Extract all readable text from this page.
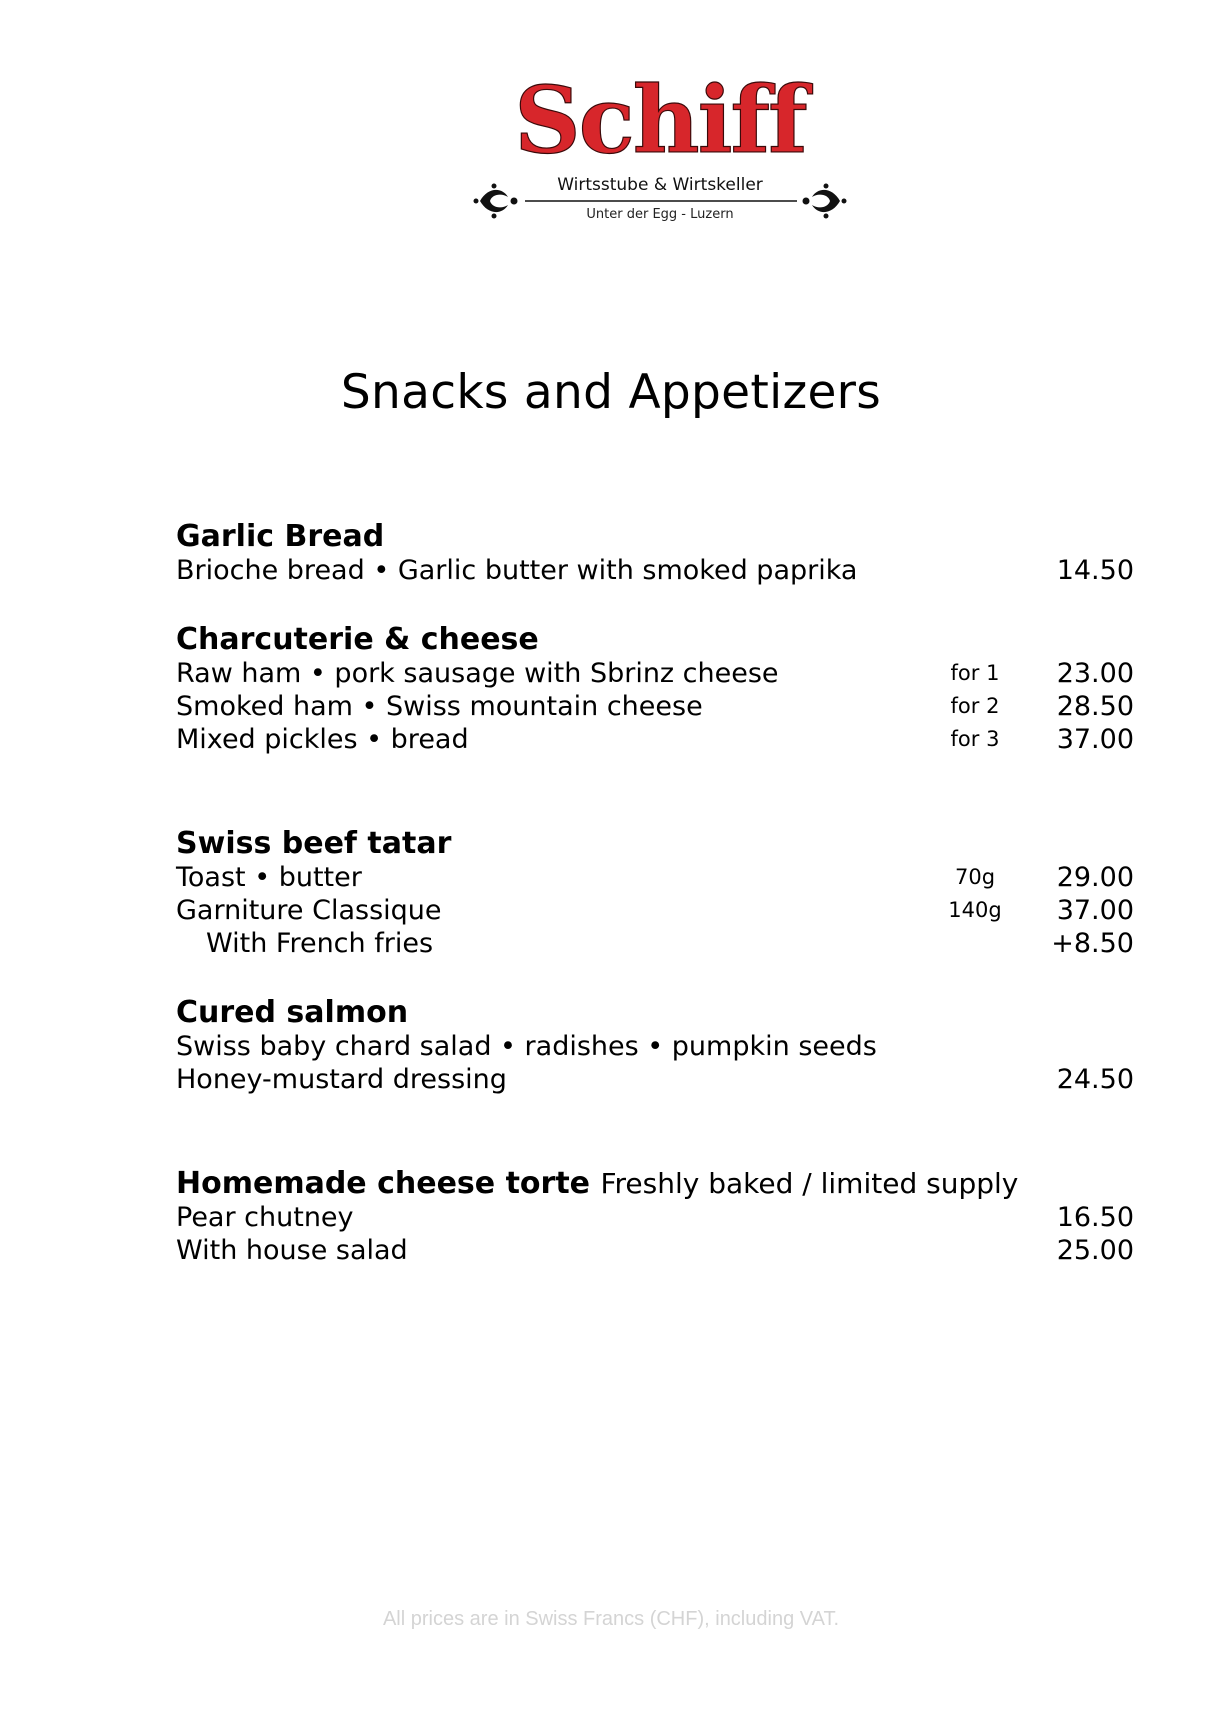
Schiff
Wirtsstube & Wirtskeller
Unter der Egg - Luzern
Snacks and Appetizers
Garlic Bread
Brioche bread • Garlic butter with smoked paprika	14.50
Charcuterie & cheese
Raw ham • pork sausage with Sbrinz cheese	for 1	23.00
Smoked ham • Swiss mountain cheese	for 2	28.50
Mixed pickles • bread	for 3	37.00
Swiss beef tatar
Toast • butter	70g	29.00
Garniture Classique	140g	37.00
With French fries	+8.50
Cured salmon
Swiss baby chard salad • radishes • pumpkin seeds
Honey-mustard dressing	24.50
Homemade cheese torte Freshly baked / limited supply
Pear chutney	16.50
With house salad	25.00
All prices are in Swiss Francs (CHF), including VAT.
